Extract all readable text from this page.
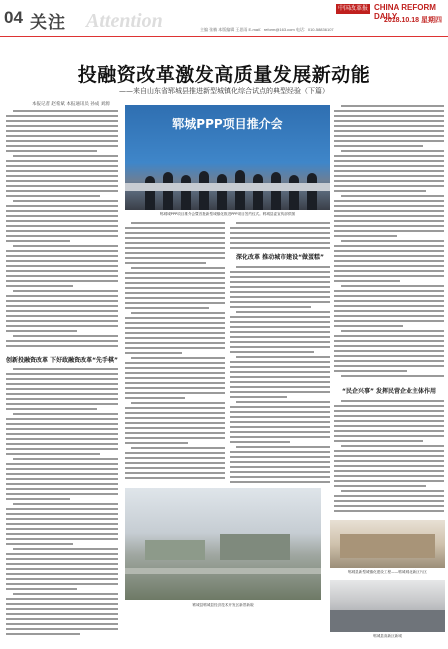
04 关注 Attention
中国改革报 CHINA REFORM DAILY
2018.10.18 星期四
主编 张楠 本版编辑 王思雨 E-mail：reform@163.com 电话：010-58836107
投融资改革激发高质量发展新动能
——来自山东省郓城县推进新型城镇化综合试点的典型经验（下篇）
本报记者 赵希斌 本报通讯员 孙成 刘源
创新投融资改革 下好政融资改革“先手棋”
深化改革 推动城市建设“做蛋糕”
“民企兴事” 发挥民营企业主体作用
郓城PPP项目推介会
郓城城PPP项目推介会暨首批新型城镇化推进PPP项目签约仪式。郓城县委宣传部供图
郓城县郓城县经济技术开发区新景新貌
郓城县新型城镇化建设工程——郓城城北新区片区
郓城县高新区新城
